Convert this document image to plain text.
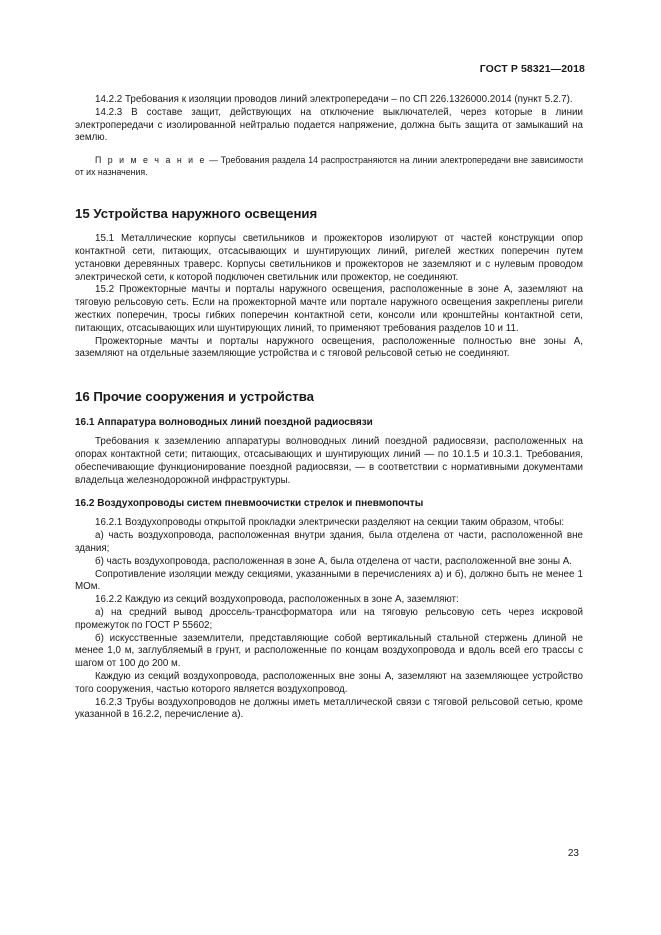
ГОСТ Р 58321—2018

14.2.2 Требования к изоляции проводов линий электропередачи – по СП 226.1326000.2014 (пункт 5.2.7).

14.2.3 В составе защит, действующих на отключение выключателей, через которые в линии электропередачи с изолированной нейтралью подается напряжение, должна быть защита от замыкаший на землю.

П р и м е ч а н и е — Требования раздела 14 распространяются на линии электропередачи вне зависимости от их назначения.

15 Устройства наружного освещения

15.1 Металлические корпусы светильников и прожекторов изолируют от частей конструкции опор контактной сети, питающих, отсасывающих и шунтирующих линий, ригелей жестких поперечин путем установки деревянных траверс. Корпусы светильников и прожекторов не заземляют и с нулевым проводом электрической сети, к которой подключен светильник или прожектор, не соединяют.

15.2 Прожекторные мачты и порталы наружного освещения, расположенные в зоне А, заземляют на тяговую рельсовую сеть. Если на прожекторной мачте или портале наружного освещения закреплены ригели жестких поперечин, тросы гибких поперечин контактной сети, консоли или кронштейны контактной сети, питающих, отсасывающих или шунтирующих линий, то применяют требования разделов 10 и 11.

Прожекторные мачты и порталы наружного освещения, расположенные полностью вне зоны А, заземляют на отдельные заземляющие устройства и с тяговой рельсовой сетью не соединяют.

16 Прочие сооружения и устройства
16.1 Аппаратура волноводных линий поездной радиосвязи

Требования к заземлению аппаратуры волноводных линий поездной радиосвязи, расположенных на опорах контактной сети; питающих, отсасывающих и шунтирующих линий — по 10.1.5 и 10.3.1. Требования, обеспечивающие функционирование поездной радиосвязи, — в соответствии с нормативными документами владельца железнодорожной инфраструктуры.

16.2 Воздухопроводы систем пневмоочистки стрелок и пневмопочты

16.2.1 Воздухопроводы открытой прокладки электрически разделяют на секции таким образом, чтобы:

а) часть воздухопровода, расположенная внутри здания, была отделена от части, расположенной вне здания;

б) часть воздухопровода, расположенная в зоне А, была отделена от части, расположенной вне зоны А.

Сопротивление изоляции между секциями, указанными в перечислениях а) и б), должно быть не менее 1 МОм.

16.2.2 Каждую из секций воздухопровода, расположенных в зоне А, заземляют:

а) на средний вывод дроссель-трансформатора или на тяговую рельсовую сеть через искровой промежуток по ГОСТ Р 55602;

б) искусственные заземлители, представляющие собой вертикальный стальной стержень длиной не менее 1,0 м, заглубляемый в грунт, и расположенные по концам воздухопровода и вдоль всей его трассы с шагом от 100 до 200 м.

Каждую из секций воздухопровода, расположенных вне зоны А, заземляют на заземляющее устройство того сооружения, частью которого является воздухопровод.

16.2.3 Трубы воздухопроводов не должны иметь металлической связи с тяговой рельсовой сетью, кроме указанной в 16.2.2, перечисление а).

23
